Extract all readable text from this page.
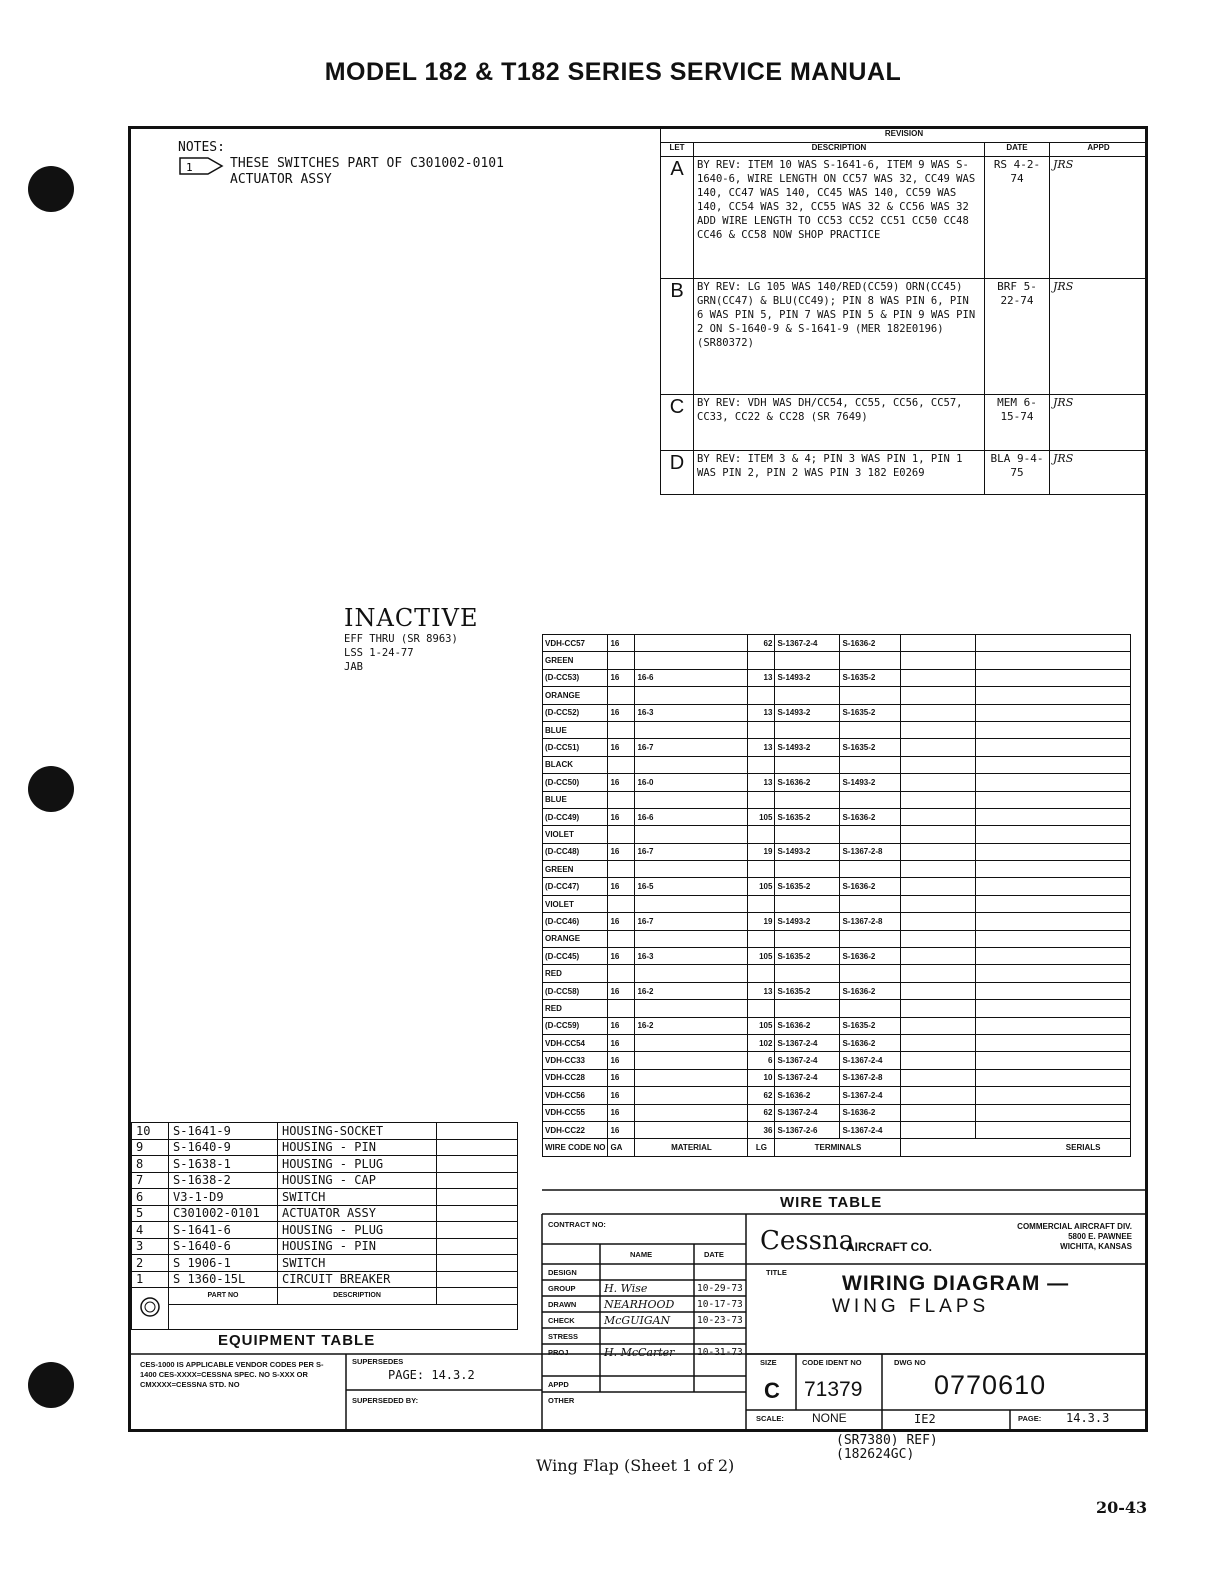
MODEL 182 & T182 SERIES SERVICE MANUAL
NOTES:
1	THESE SWITCHES PART OF C301002-0101
ACTUATOR ASSY
REVISION			
LET	DESCRIPTION	DATE	APPD
A	BY REV: ITEM 10 WAS S-1641-6, ITEM 9 WAS S-1640-6, WIRE LENGTH ON CC57 WAS 32, CC49 WAS 140, CC47 WAS 140, CC45 WAS 140, CC59 WAS 140, CC54 WAS 32, CC55 WAS 32 & CC56 WAS 32 ADD WIRE LENGTH TO CC53 CC52 CC51 CC50 CC48 CC46 & CC58 NOW SHOP PRACTICE	RS 4-2-74	JRS
B	BY REV: LG 105 WAS 140/RED(CC59) ORN(CC45) GRN(CC47) & BLU(CC49); PIN 8 WAS PIN 6, PIN 6 WAS PIN 5, PIN 7 WAS PIN 5 & PIN 9 WAS PIN 2 ON S-1640-9 & S-1641-9 (MER 182E0196) (SR80372)	BRF 5-22-74	JRS
C	BY REV: VDH WAS DH/CC54, CC55, CC56, CC57, CC33, CC22 & CC28 (SR 7649)	MEM 6-15-74	JRS
D	BY REV: ITEM 3 & 4; PIN 3 WAS PIN 1, PIN 1 WAS PIN 2, PIN 2 WAS PIN 3 182 E0269	BLA 9-4-75	JRS
INACTIVE
EFF THRU (SR 8963)
LSS 1-24-77
JAB
VDH-CC57	16		62	S-1367-2-4	S-1636-2		
GREEN							
(D-CC53)	16	16-6	13	S-1493-2	S-1635-2		
ORANGE							
(D-CC52)	16	16-3	13	S-1493-2	S-1635-2		
BLUE							
(D-CC51)	16	16-7	13	S-1493-2	S-1635-2		
BLACK							
(D-CC50)	16	16-0	13	S-1636-2	S-1493-2		
BLUE							
(D-CC49)	16	16-6	105	S-1635-2	S-1636-2		
VIOLET							
(D-CC48)	16	16-7	19	S-1493-2	S-1367-2-8		
GREEN							
(D-CC47)	16	16-5	105	S-1635-2	S-1636-2		
VIOLET							
(D-CC46)	16	16-7	19	S-1493-2	S-1367-2-8		
ORANGE							
(D-CC45)	16	16-3	105	S-1635-2	S-1636-2		
RED							
(D-CC58)	16	16-2	13	S-1635-2	S-1636-2		
RED							
(D-CC59)	16	16-2	105	S-1636-2	S-1635-2		
VDH-CC54	16		102	S-1367-2-4	S-1636-2		
VDH-CC33	16		6	S-1367-2-4	S-1367-2-4		
VDH-CC28	16		10	S-1367-2-4	S-1367-2-8		
VDH-CC56	16		62	S-1636-2	S-1367-2-4		
VDH-CC55	16		62	S-1367-2-4	S-1636-2		
VDH-CC22	16		36	S-1367-2-6	S-1367-2-4		
WIRE CODE NO	GA	MATERIAL	LG	TERMINALS		SERIALS	
WIRE TABLE
10	S-1641-9	HOUSING-SOCKET	
9	S-1640-9	HOUSING - PIN	
8	S-1638-1	HOUSING - PLUG	
7	S-1638-2	HOUSING - CAP	
6	V3-1-D9	SWITCH	
5	C301002-0101	ACTUATOR ASSY	
4	S-1641-6	HOUSING - PLUG	
3	S-1640-6	HOUSING - PIN	
2	S 1906-1	SWITCH	
1	S 1360-15L	CIRCUIT BREAKER	
	PART NO	DESCRIPTION	

EQUIPMENT TABLE
CES-1000 IS APPLICABLE VENDOR CODES PER S-1400 CES-XXXX=CESSNA SPEC. NO S-XXX OR CMXXXX=CESSNA STD. NO
SUPERSEDES
PAGE: 14.3.2
SUPERSEDED BY:
CONTRACT NO:
NAME	DATE
DESIGN
GROUP	H. Wise	10-29-73
DRAWN	NEARHOOD 10-17-73
CHECK	McGUIGAN	10-23-73
STRESS
PROJ	H. McCarter 10-31-73
APPD
OTHER
Cessna
AIRCRAFT CO.
COMMERCIAL AIRCRAFT DIV.
5800 E. PAWNEE
WICHITA, KANSAS
TITLE	WIRING DIAGRAM —
WING FLAPS
SIZE
C
CODE IDENT NO
71379
DWG NO
0770610
SCALE: NONE	IE2	PAGE: 14.3.3
(SR7380) REF)
(182624GC)
Wing Flap (Sheet 1 of 2)
20-43
